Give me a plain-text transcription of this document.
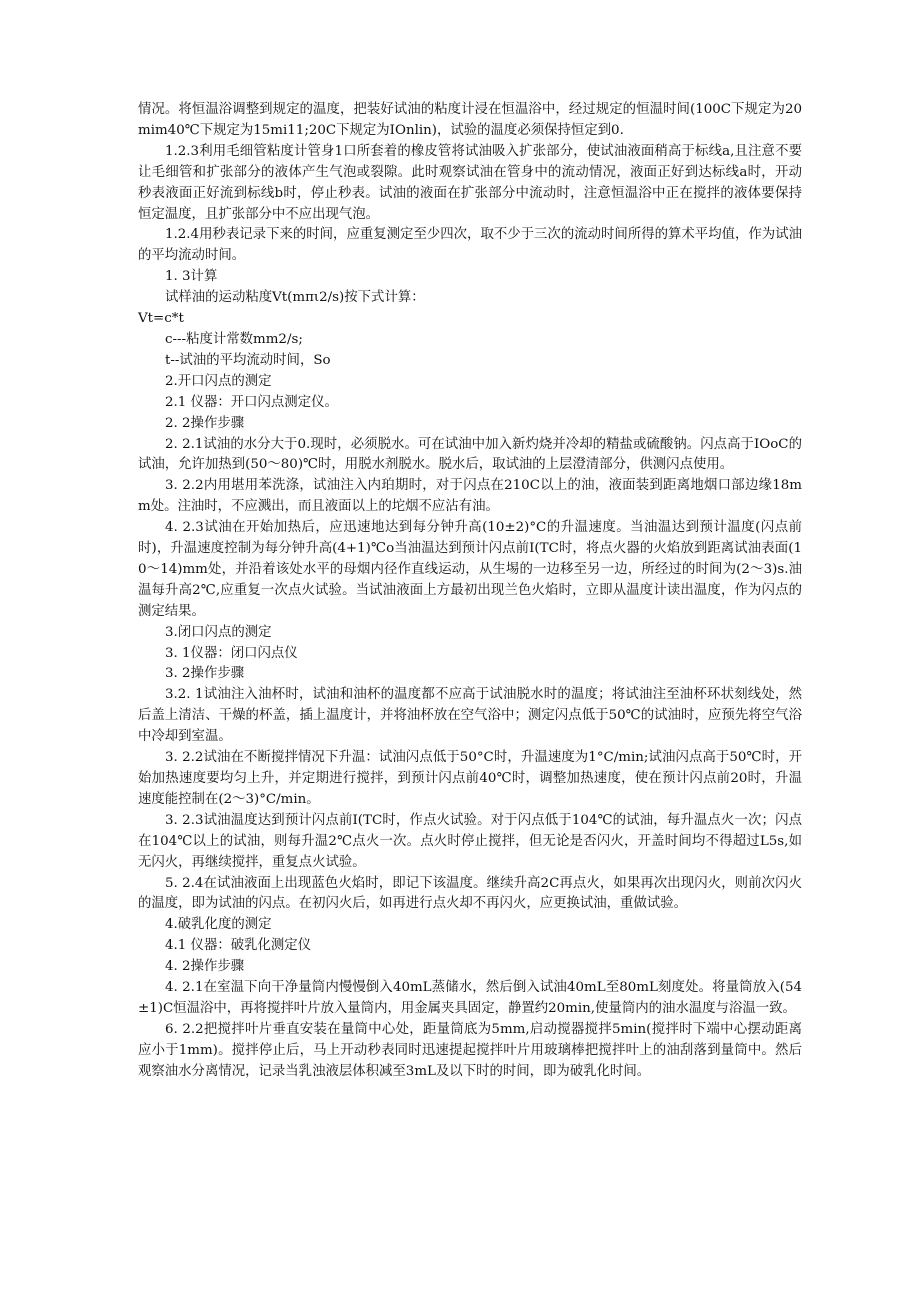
情况。将恒温浴调整到规定的温度，把装好试油的粘度计浸在恒温浴中，经过规定的恒温时间(100C下规定为20mim40℃下规定为15mi11;20C下规定为IOnlin)，试验的温度必须保持恒定到0.

1.2.3利用毛细管粘度计管身1口所套着的橡皮管将试油吸入扩张部分，使试油液面稍高于标线a,且注意不要让毛细管和扩张部分的液体产生气泡或裂隙。此时观察试油在管身中的流动情况，液面正好到达标线a时，开动秒表液面正好流到标线b时，停止秒表。试油的液面在扩张部分中流动时，注意恒温浴中正在搅拌的液体要保持恒定温度，且扩张部分中不应出现气泡。

1.2.4用秒表记录下来的时间，应重复测定至少四次，取不少于三次的流动时间所得的算术平均值，作为试油的平均流动时间。

1. 3计算

试样油的运动粘度Vt(mπι2/s)按下式计算：

Vt=c*t

c---粘度计常数mm2/s;

t--试油的平均流动时间，So

2.开口闪点的测定

2.1 仪器：开口闪点测定仪。

2. 2操作步骤

2. 2.1试油的水分大于0.现时，必须脱水。可在试油中加入新灼烧并冷却的精盐或硫酸钠。闪点高于IOoC的试油，允许加热到(50～80)℃时，用脱水剂脱水。脱水后，取试油的上层澄清部分，供测闪点使用。

3. 2.2内用堪用苯洗涤，试油注入内珀期时，对于闪点在210C以上的油，液面装到距离地烟口部边缘18mm处。注油时，不应溅出，而且液面以上的坨烟不应沾有油。

4. 2.3试油在开始加热后，应迅速地达到每分钟升高(10±2)°C的升温速度。当油温达到预计温度(闪点前时)，升温速度控制为每分钟升高(4+1)℃o当油温达到预计闪点前I(TC时，将点火器的火焰放到距离试油表面(10～14)mm处，并沿着该处水平的母烟内径作直线运动，从生埸的一边移至另一边，所经过的时间为(2～3)s.油温每升高2℃,应重复一次点火试验。当试油液面上方最初出现兰色火焰时，立即从温度计读出温度，作为闪点的测定结果。

3.闭口闪点的测定

3. 1仪器：闭口闪点仪

3. 2操作步骤

3.2. 1试油注入油杯时，试油和油杯的温度都不应高于试油脱水时的温度；将试油注至油杯环状刻线处，然后盖上清洁、干燥的杯盖，插上温度计，并将油杯放在空气浴中；测定闪点低于50℃的试油时，应预先将空气浴中冷却到室温。

3. 2.2试油在不断搅拌情况下升温：试油闪点低于50°C时，升温速度为1°C/min;试油闪点高于50℃时，开始加热速度要均匀上升，并定期进行搅拌，到预计闪点前40℃时，调整加热速度，使在预计闪点前20时，升温速度能控制在(2～3)°C/min。

3. 2.3试油温度达到预计闪点前I(TC时，作点火试验。对于闪点低于104℃的试油，每升温点火一次；闪点在104℃以上的试油，则每升温2℃点火一次。点火时停止搅拌，但无论是否闪火，开盖时间均不得超过L5s,如无闪火，再继续搅拌，重复点火试验。

5. 2.4在试油液面上出现蓝色火焰时，即记下该温度。继续升高2C再点火，如果再次出现闪火，则前次闪火的温度，即为试油的闪点。在初闪火后，如再进行点火却不再闪火，应更换试油，重做试验。

4.破乳化度的测定

4.1 仪器：破乳化测定仪

4. 2操作步骤

4. 2.1在室温下向干净量筒内慢慢倒入40mL蒸储水，然后倒入试油40mL至80mL刻度处。将量筒放入(54±1)C恒温浴中，再将搅拌叶片放入量筒内，用金属夹具固定，静置约20min,使量筒内的油水温度与浴温一致。

6. 2.2把搅拌叶片垂直安装在量筒中心处，距量筒底为5mm,启动搅器搅拌5min(搅拌时下端中心摆动距离应小于1mm)。搅拌停止后，马上开动秒表同时迅速提起搅拌叶片用玻璃棒把搅拌叶上的油刮落到量筒中。然后观察油水分离情况，记录当乳浊液层体积减至3mL及以下时的时间，即为破乳化时间。
